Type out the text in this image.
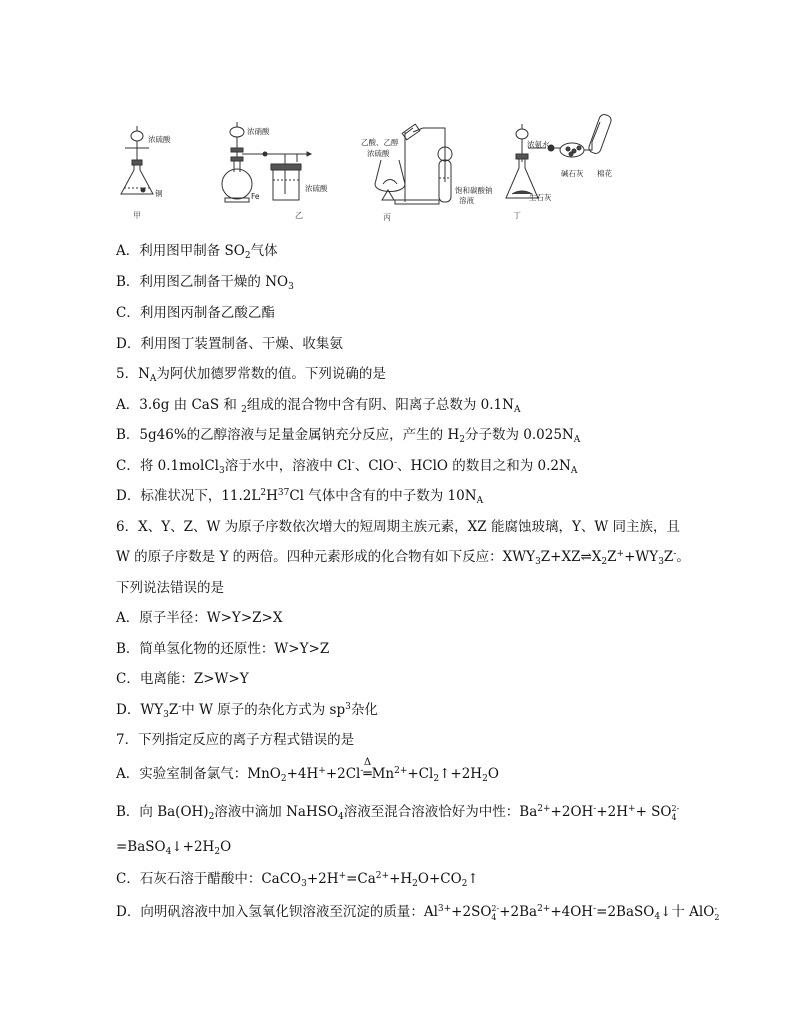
浓硫酸
铜
甲
浓硝酸
Fe
浓硫酸
乙
乙酸、乙醇
浓硫酸
饱和碳酸钠
溶液
丙
浓氨水
碱石灰
生石灰
棉花
丁
A．利用图甲制备 $SO_2$气体
B．利用图乙制备干燥的 $NO_3$
C．利用图丙制备乙酸乙酯
D．利用图丁装置制备、干燥、收集氨
5．$N_A$为阿伏加德罗常数的值。下列说确的是
A．3.6g 由 CaS 和 $_2$组成的混合物中含有阴、阳离子总数为 $0.1N_A$
B．5g46%的乙醇溶液与足量金属钠充分反应，产生的 $H_2$分子数为 $0.025N_A$
C．将 0.1molCl$_3$溶于水中，溶液中 Cl-、ClO-、HClO 的数目之和为 $0.2N_A$
D．标准状况下，$11.2L^2H^{37}Cl$ 气体中含有的中子数为 $10N_A$
6．X、Y、Z、W 为原子序数依次增大的短周期主族元素，XZ 能腐蚀玻璃，Y、W 同主族，且
W 的原子序数是 Y 的两倍。四种元素形成的化合物有如下反应：$XWY_3Z+XZ\rightleftharpoons X_2Z^++WY_3Z^-$。
下列说法错误的是
A．原子半径：W>Y>Z>X
B．简单氢化物的还原性：W>Y>Z
C．电离能：Z>W>Y
D．$WY_3Z^-$中 W 原子的杂化方式为 $sp^3$杂化
7．下列指定反应的离子方程式错误的是
A．实验室制备氯气：MnO$_2$+4H++2Cl-
Δ
$═Mn^{2+}+Cl_2↑+2H_2O$
B．向 $Ba(OH)_2$溶液中滴加 NaHSO$_4$溶液至混合溶液恰好为中性：$Ba^{2+}+2OH^-+2H^++$ SO 2-
4
$=BaSO_4↓+2H_2O$
C．石灰石溶于醋酸中：$CaCO_3+2H^+=Ca^{2+}+H_2O+CO_2↑$
D．向明矾溶液中加入氢氧化钡溶液至沉淀的质量：$Al^{3+}+2SO$ 2-
$4 +2Ba^{2+}+4OH^-=2BaSO_4↓$十 AlO -
2
